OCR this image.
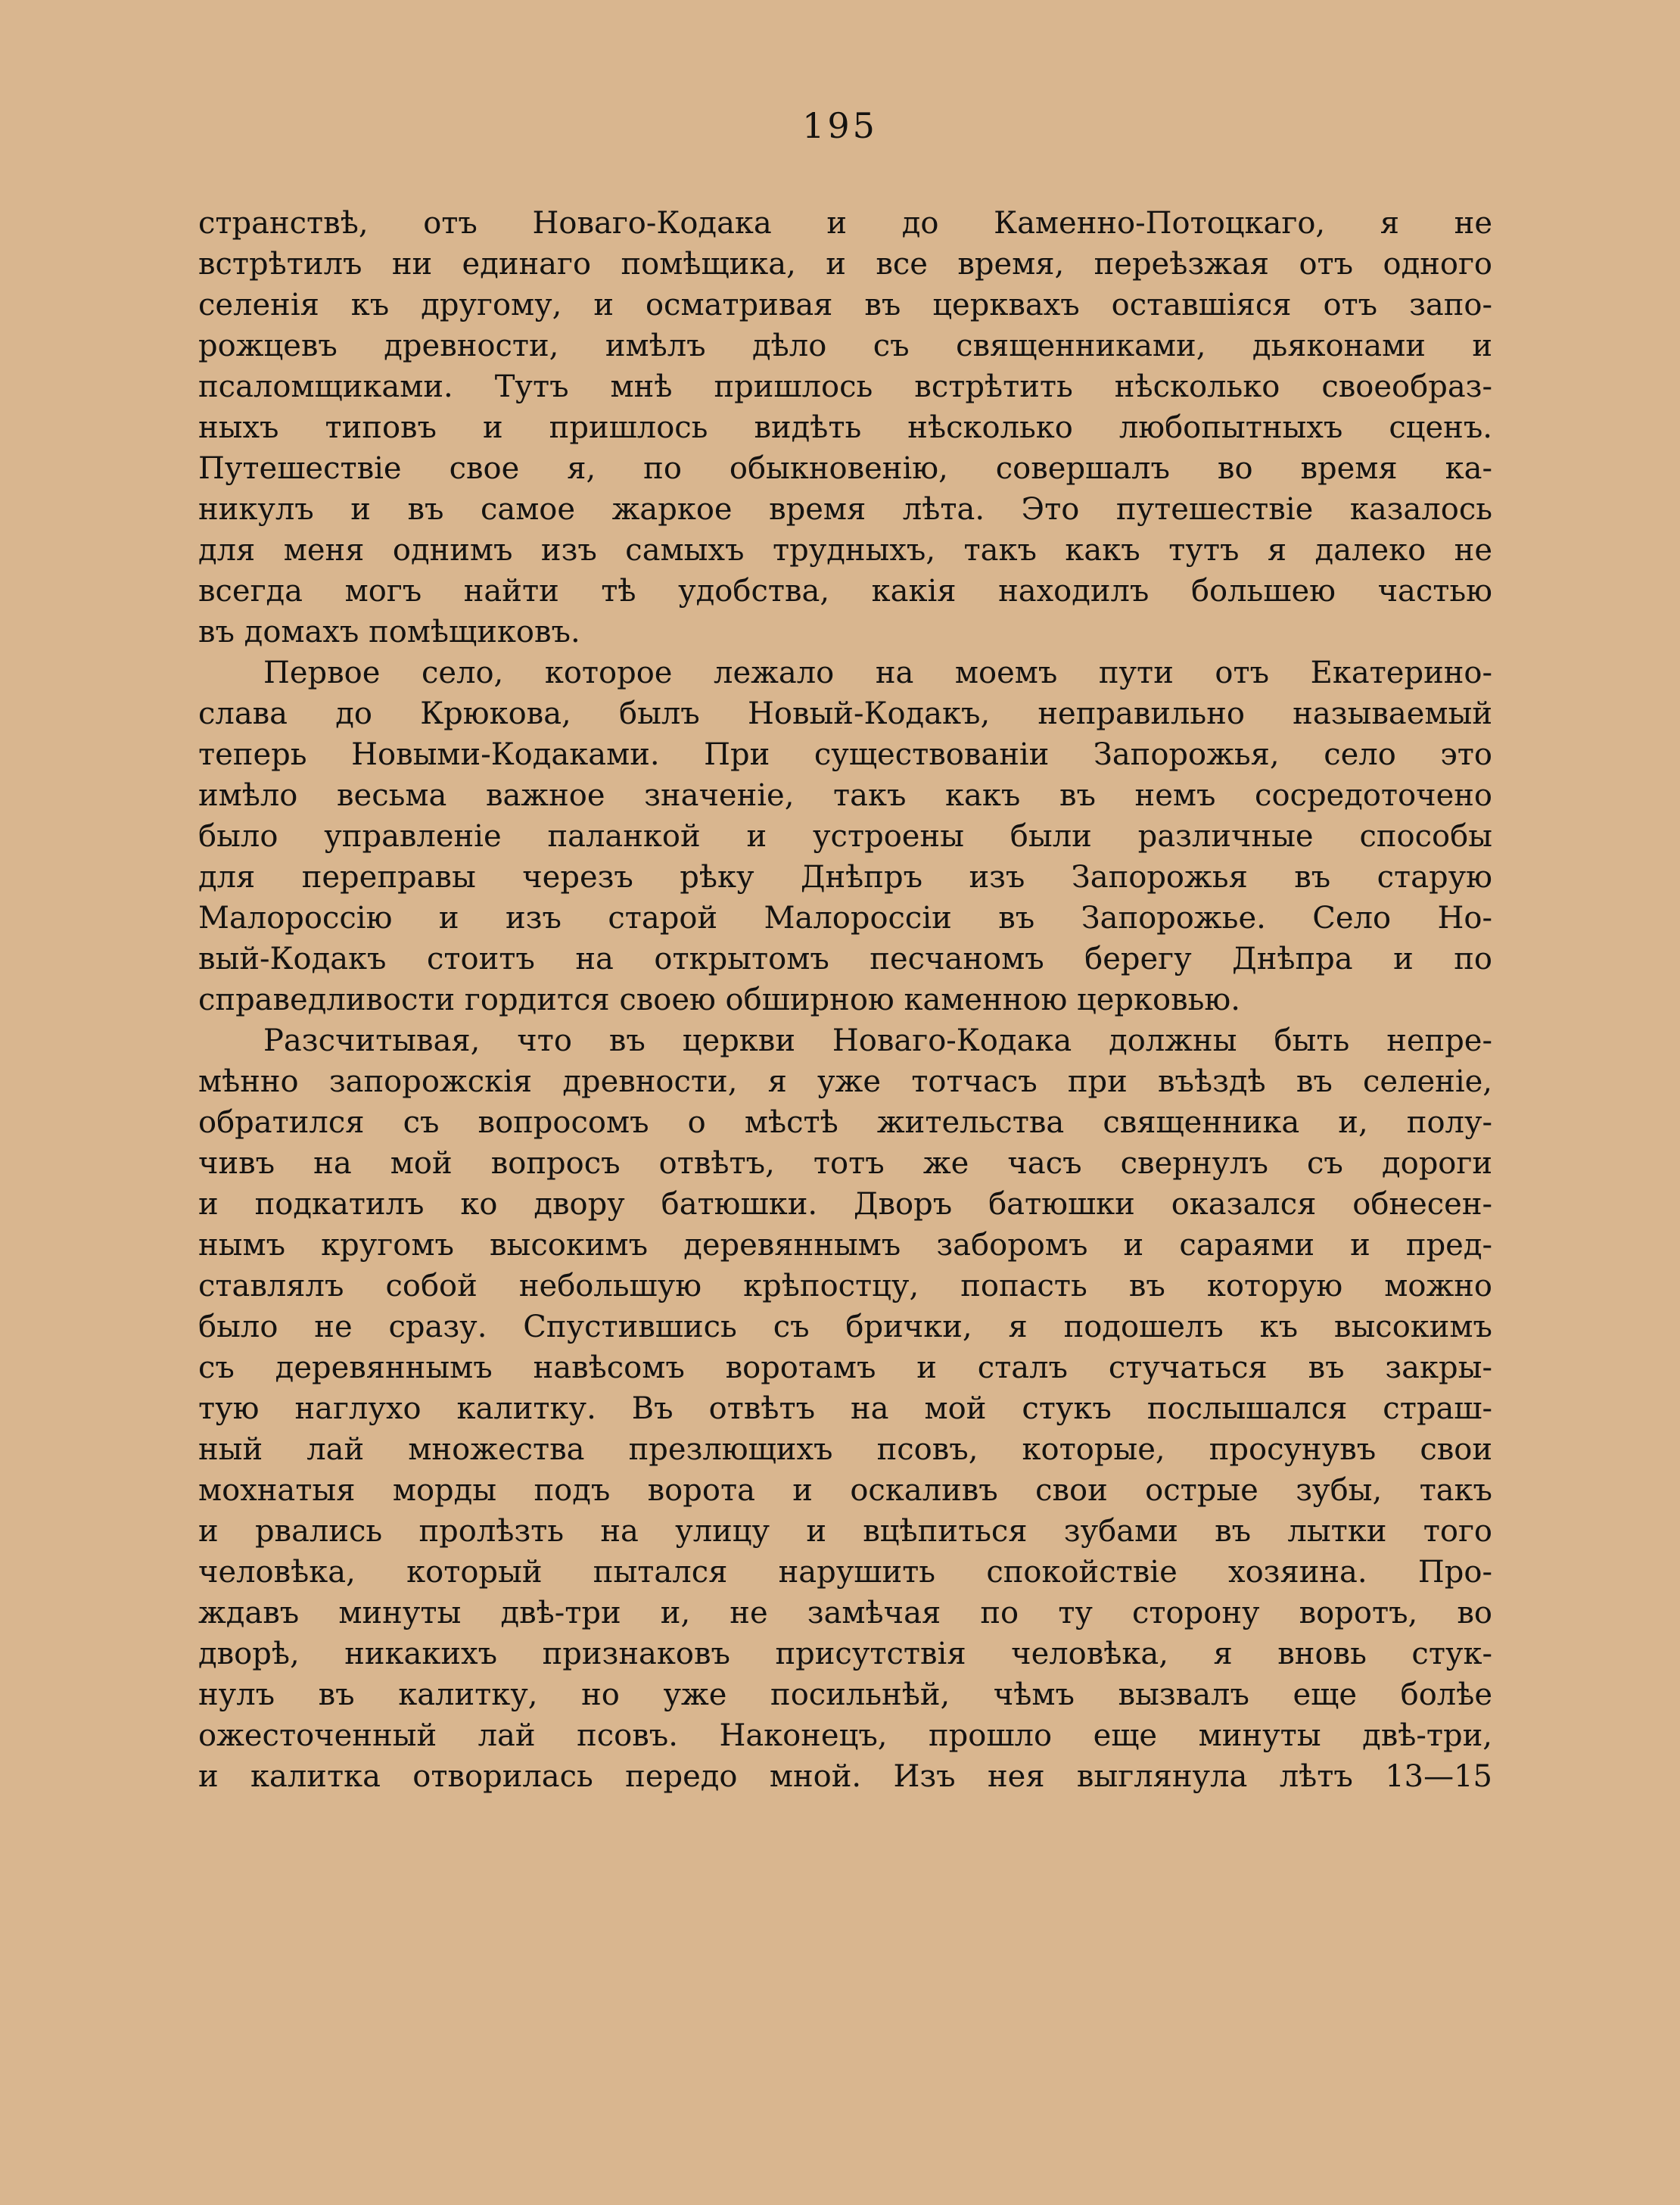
195
странствѣ, отъ Новаго-Кодака и до Каменно-Потоцкаго, я не
встрѣтилъ ни единаго помѣщика, и все время, переѣзжая отъ одного
селенія къ другому, и осматривая въ церквахъ оставшіяся отъ запо-
рожцевъ древности, имѣлъ дѣло съ священниками, дьяконами и
псаломщиками. Тутъ мнѣ пришлось встрѣтить нѣсколько своеобраз-
ныхъ типовъ и пришлось видѣть нѣсколько любопытныхъ сценъ.
Путешествіе свое я, по обыкновенію, совершалъ во время ка-
никулъ и въ самое жаркое время лѣта. Это путешествіе казалось
для меня однимъ изъ самыхъ трудныхъ, такъ какъ тутъ я далеко не
всегда могъ найти тѣ удобства, какія находилъ большею частью
въ домахъ помѣщиковъ.
Первое село, которое лежало на моемъ пути отъ Екатерино-
слава до Крюкова, былъ Новый-Кодакъ, неправильно называемый
теперь Новыми-Кодаками. При существованіи Запорожья, село это
имѣло весьма важное значеніе, такъ какъ въ немъ сосредоточено
было управленіе паланкой и устроены были различные способы
для переправы черезъ рѣку Днѣпръ изъ Запорожья въ старую
Малороссію и изъ старой Малороссіи въ Запорожье. Село Но-
вый-Кодакъ стоитъ на открытомъ песчаномъ берегу Днѣпра и по
справедливости гордится своею обширною каменною церковью.
Разсчитывая, что въ церкви Новаго-Кодака должны быть непре-
мѣнно запорожскія древности, я уже тотчасъ при въѣздѣ въ селеніе,
обратился съ вопросомъ о мѣстѣ жительства священника и, полу-
чивъ на мой вопросъ отвѣтъ, тотъ же часъ свернулъ съ дороги
и подкатилъ ко двору батюшки. Дворъ батюшки оказался обнесен-
нымъ кругомъ высокимъ деревяннымъ заборомъ и сараями и пред-
ставлялъ собой небольшую крѣпостцу, попасть въ которую можно
было не сразу. Спустившись съ брички, я подошелъ къ высокимъ
съ деревяннымъ навѣсомъ воротамъ и сталъ стучаться въ закры-
тую наглухо калитку. Въ отвѣтъ на мой стукъ послышался страш-
ный лай множества презлющихъ псовъ, которые, просунувъ свои
мохнатыя морды подъ ворота и оскаливъ свои острые зубы, такъ
и рвались пролѣзть на улицу и вцѣпиться зубами въ лытки того
человѣка, который пытался нарушить спокойствіе хозяина. Про-
ждавъ минуты двѣ-три и, не замѣчая по ту сторону воротъ, во
дворѣ, никакихъ признаковъ присутствія человѣка, я вновь стук-
нулъ въ калитку, но уже посильнѣй, чѣмъ вызвалъ еще болѣе
ожесточенный лай псовъ. Наконецъ, прошло еще минуты двѣ-три,
и калитка отворилась передо мной. Изъ нея выглянула лѣтъ 13—15
